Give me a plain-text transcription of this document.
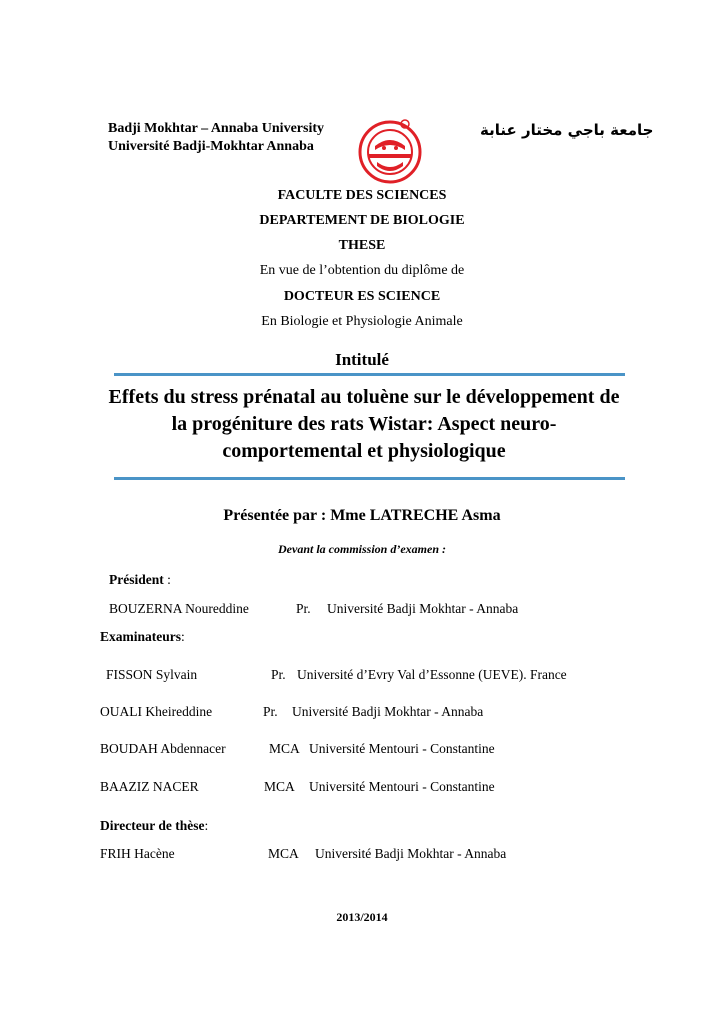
Badji Mokhtar – Annaba University
Université Badji-Mokhtar Annaba
جامعة باجي مختار عنابة
FACULTE DES SCIENCES
DEPARTEMENT DE BIOLOGIE
THESE
En vue de l’obtention du diplôme de
DOCTEUR ES SCIENCE
En Biologie et Physiologie Animale
Intitulé
Effets du stress prénatal au toluène sur le développement de la progéniture des rats Wistar: Aspect neuro-comportemental et physiologique
Présentée par : Mme LATRECHE Asma
Devant la commission d’examen :
Président :
BOUZERNA Noureddine	Pr. Université Badji Mokhtar - Annaba
Examinateurs:
FISSON Sylvain	Pr. Université d’Evry Val d’Essonne (UEVE). France
OUALI Kheireddine	Pr. Université Badji Mokhtar - Annaba
BOUDAH Abdennacer	MCA Université Mentouri - Constantine
BAAZIZ NACER	MCA Université Mentouri - Constantine
Directeur de thèse:
FRIH Hacène	MCA Université Badji Mokhtar - Annaba
2013/2014
